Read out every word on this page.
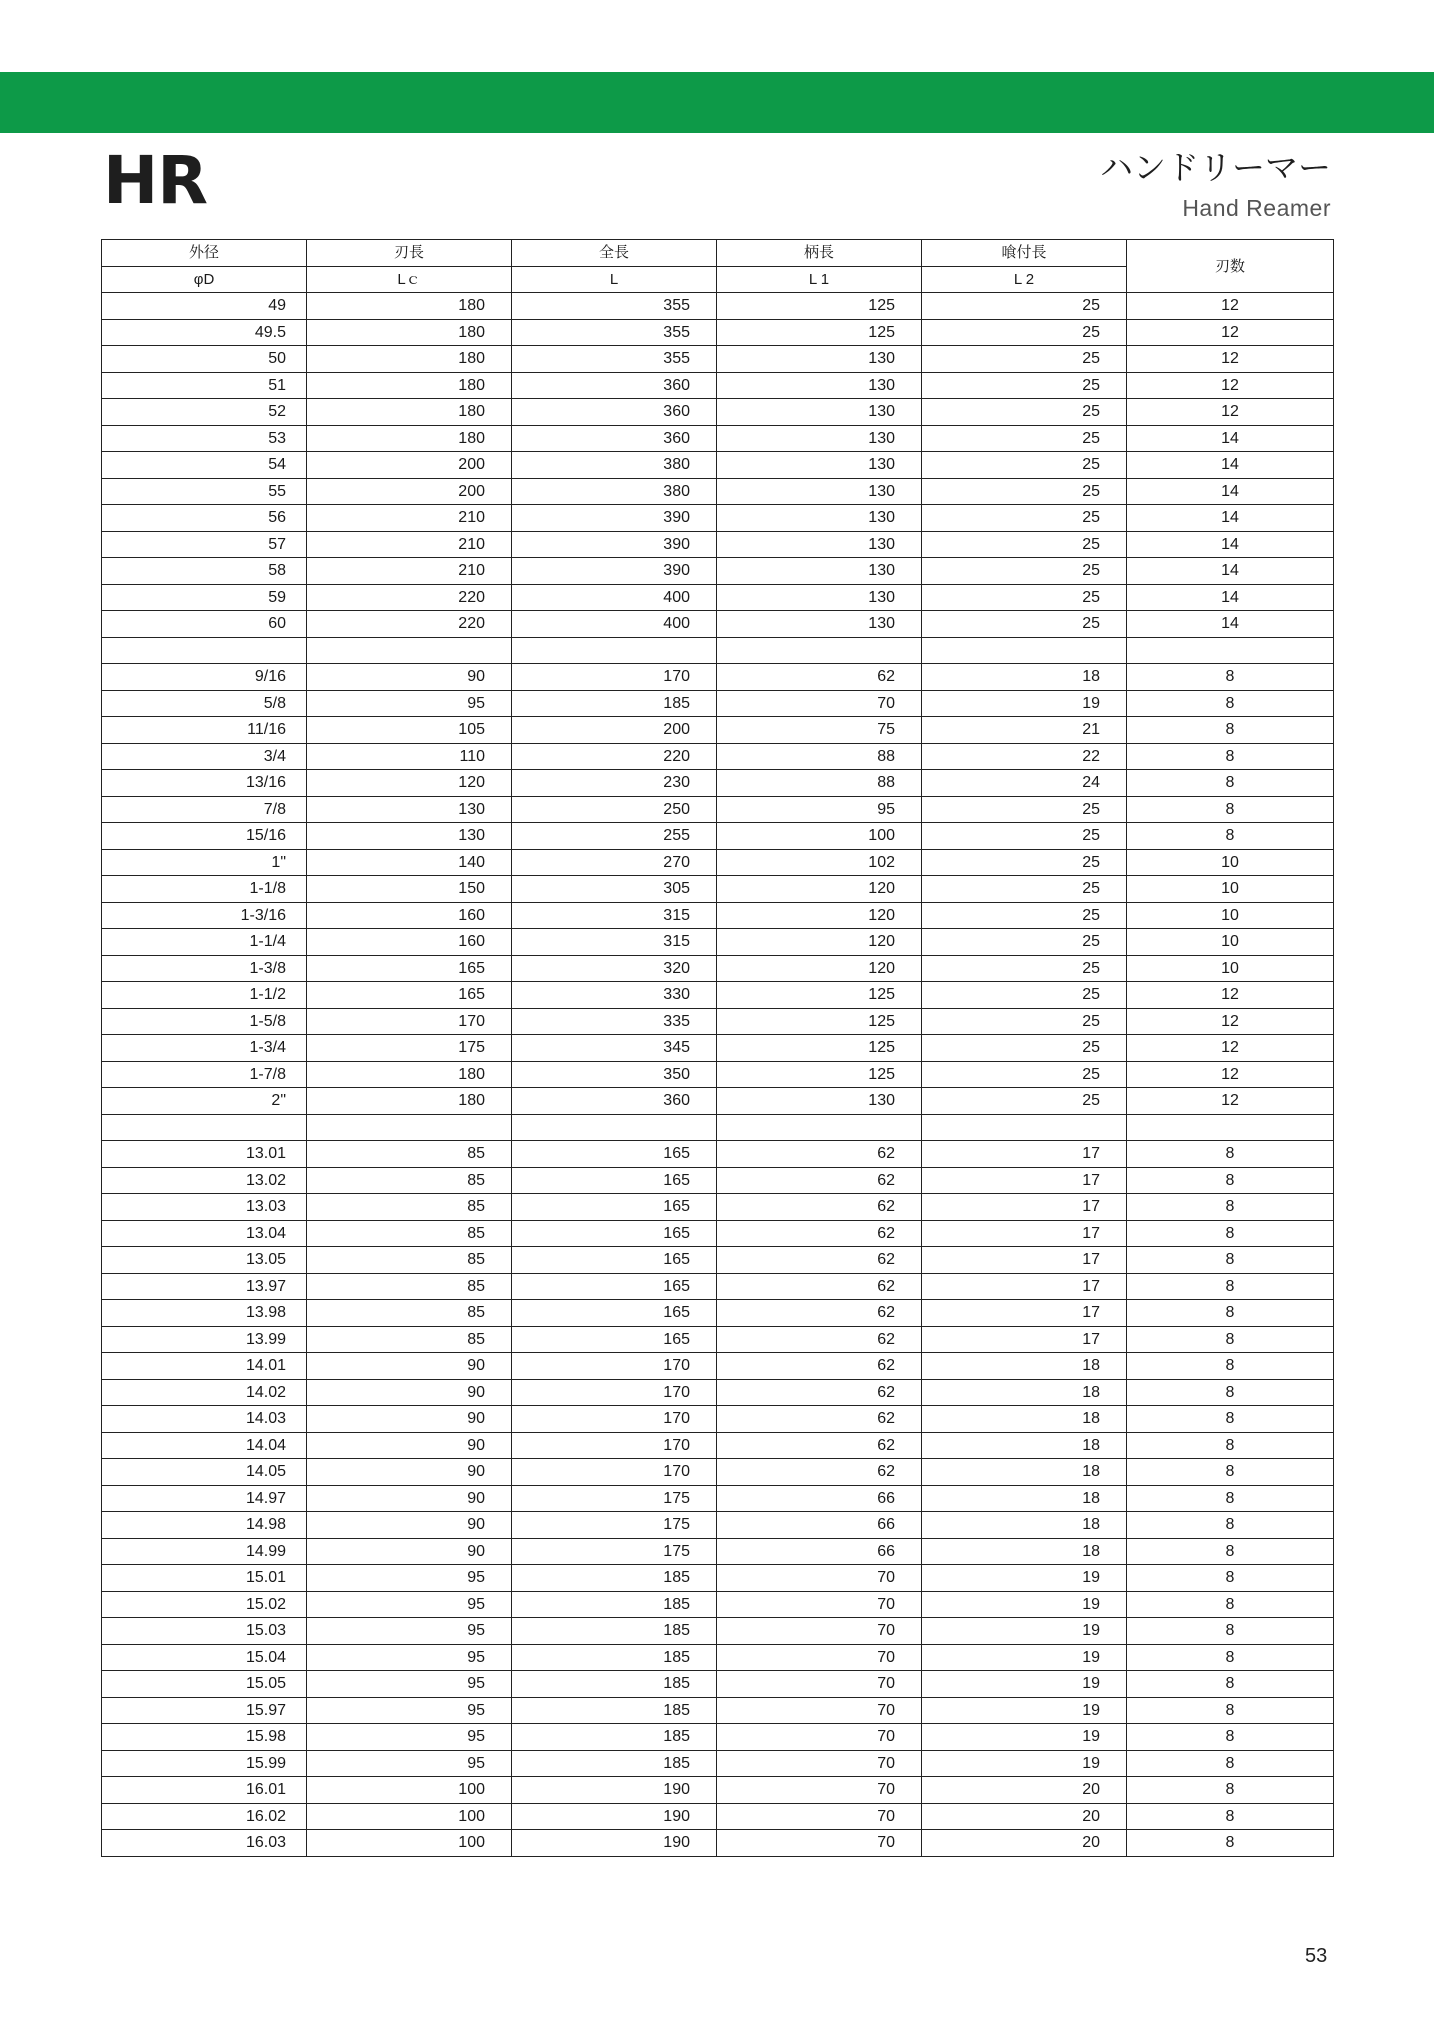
HR	ハンドリーマー
Hand Reamer
外径	刃長	全長	柄長	喰付長	刃数
φD	Lｃ	L	L 1	L 2	
49	180	355	125	25	12
49.5	180	355	125	25	12
50	180	355	130	25	12
51	180	360	130	25	12
52	180	360	130	25	12
53	180	360	130	25	14
54	200	380	130	25	14
55	200	380	130	25	14
56	210	390	130	25	14
57	210	390	130	25	14
58	210	390	130	25	14
59	220	400	130	25	14
60	220	400	130	25	14

9/16	90	170	62	18	8
5/8	95	185	70	19	8
11/16	105	200	75	21	8
3/4	110	220	88	22	8
13/16	120	230	88	24	8
7/8	130	250	95	25	8
15/16	130	255	100	25	8
1"	140	270	102	25	10
1-1/8	150	305	120	25	10
1-3/16	160	315	120	25	10
1-1/4	160	315	120	25	10
1-3/8	165	320	120	25	10
1-1/2	165	330	125	25	12
1-5/8	170	335	125	25	12
1-3/4	175	345	125	25	12
1-7/8	180	350	125	25	12
2"	180	360	130	25	12

13.01	85	165	62	17	8
13.02	85	165	62	17	8
13.03	85	165	62	17	8
13.04	85	165	62	17	8
13.05	85	165	62	17	8
13.97	85	165	62	17	8
13.98	85	165	62	17	8
13.99	85	165	62	17	8
14.01	90	170	62	18	8
14.02	90	170	62	18	8
14.03	90	170	62	18	8
14.04	90	170	62	18	8
14.05	90	170	62	18	8
14.97	90	175	66	18	8
14.98	90	175	66	18	8
14.99	90	175	66	18	8
15.01	95	185	70	19	8
15.02	95	185	70	19	8
15.03	95	185	70	19	8
15.04	95	185	70	19	8
15.05	95	185	70	19	8
15.97	95	185	70	19	8
15.98	95	185	70	19	8
15.99	95	185	70	19	8
16.01	100	190	70	20	8
16.02	100	190	70	20	8
16.03	100	190	70	20	8
53
